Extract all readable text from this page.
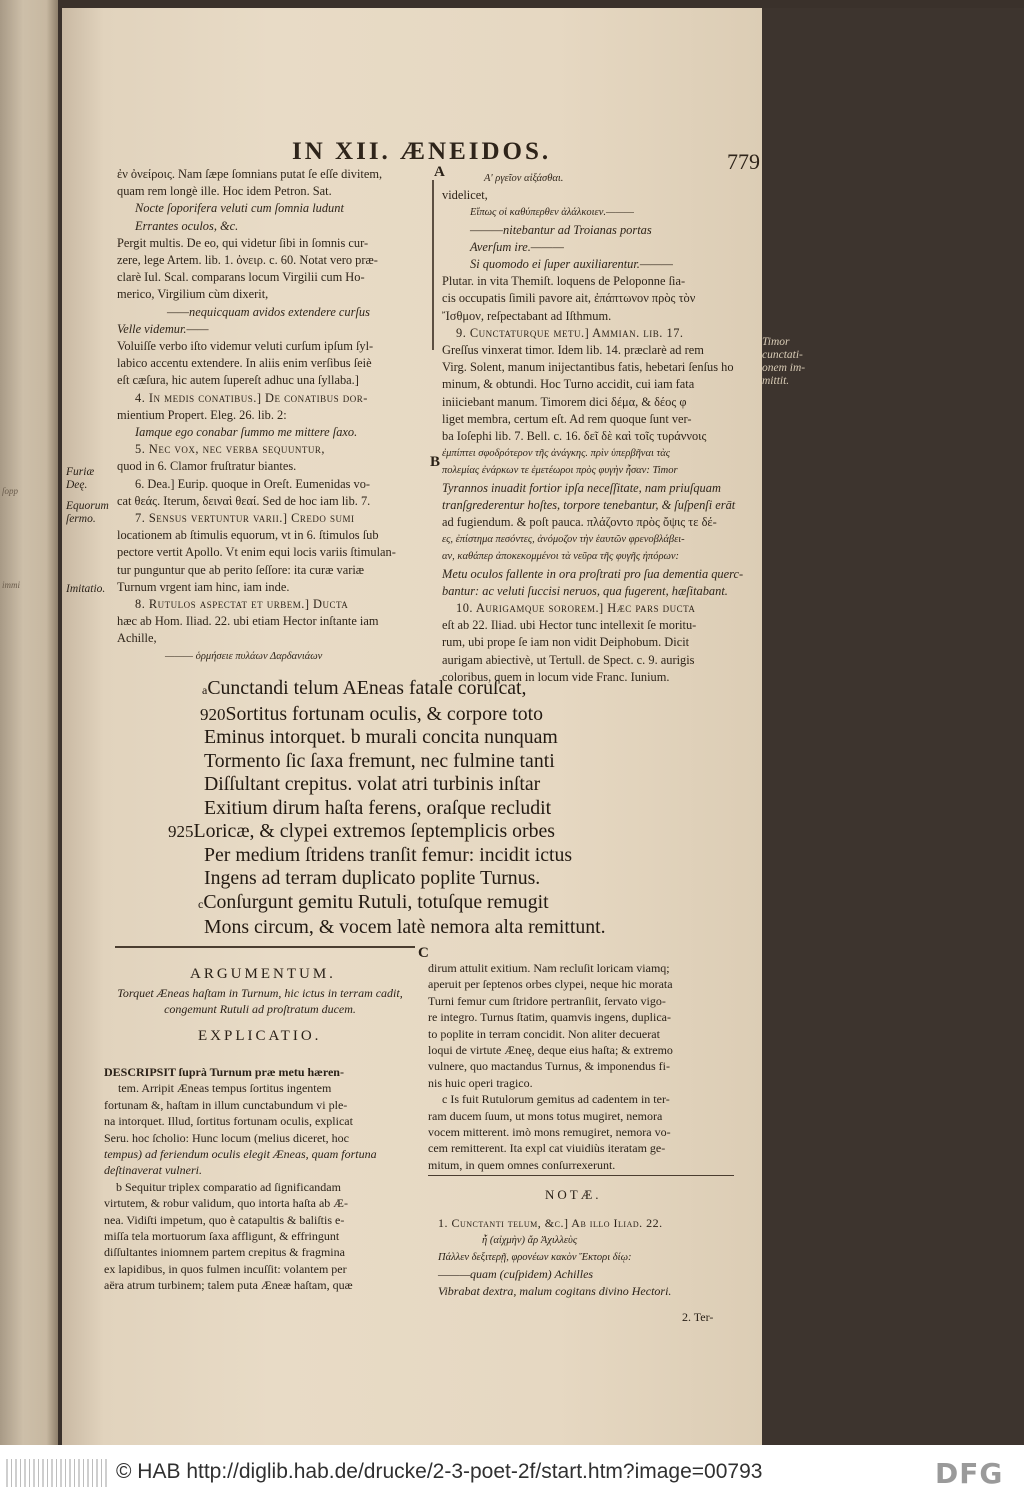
ſopp
immi
IN XII. ÆNEIDOS.	779
ἐν ὀνείροις. Nam ſæpe ſomnians putat ſe eſſe divitem,
quam rem longè ille. Hoc idem Petron. Sat.
Nocte ſoporifera veluti cum ſomnia ludunt
Errantes oculos, &c.
Pergit multis. De eo, qui videtur ſibi in ſomnis cur-
zere, lege Artem. lib. 1. ὀνειρ. c. 60. Notat vero præ-
clarè Iul. Scal. comparans locum Virgilii cum Ho-
merico, Virgilium cùm dixerit,
——nequicquam avidos extendere curſus
Velle videmur.——
Voluiſſe verbo iſto videmur veluti curſum ipſum ſyl-
labico accentu extendere. In aliis enim verſibus ſeiè
eſt cæſura, hic autem ſupereſt adhuc una ſyllaba.]
4. In medis conatibus.] De conatibus dor-
mientium Propert. Eleg. 26. lib. 2:
Iamque ego conabar ſummo me mittere ſaxo.
5. Nec vox, nec verba sequuntur,
quod in 6. Clamor fruſtratur biantes.
6. Dea.] Eurip. quoque in Oreſt. Eumenidas vo-
cat θεάς. Iterum, δειναὶ θεαί. Sed de hoc iam lib. 7.
7. Sensus vertuntur varii.] Credo ſumi
locationem ab ſtimulis equorum, vt in 6. ſtimulos ſub
pectore vertit Apollo. Vt enim equi locis variis ſtimulan-
tur punguntur que ab perito ſeſſore: ita curæ variæ
Turnum vrgent iam hinc, iam inde.
8. Rutulos aspectat et urbem.] Ducta
hæc ab Hom. Iliad. 22. ubi etiam Hector inſtante iam
Achille,
——— ὁρμήσειε πυλάων Δαρδανιάων
A
B
C
Α' ργεῖον αἰξάσθαι.
videlicet,
Εἴπως οἱ καθύπερθεν ἀλάλκοιεν.———
———nitebantur ad Troianas portas
Averſum ire.———
Si quomodo ei ſuper auxiliarentur.———
Plutar. in vita Themiſt. loquens de Peloponne ſia-
cis occupatis ſimili pavore ait, ἐπάπτωνον πρὸς τὸν
Ἴσθμον, reſpectabant ad Iſthmum.
9. Cunctaturque metu.] Ammian. lib. 17.
Greſſus vinxerat timor. Idem lib. 14. præclarè ad rem
Virg. Solent, manum inijectantibus fatis, hebetari ſenſus ho
minum, & obtundi. Hoc Turno accidit, cui iam fata
iniiciebant manum. Timorem dici δέμα, & δέος φ
liget membra, certum eſt. Ad rem quoque ſunt ver-
ba Ioſephi lib. 7. Bell. c. 16. δεῖ δὲ καὶ τοῖς τυράννοις
ἐμπίπτει σφοδρότερον τῆς ἀνάγκης. πρὶν ὑπερβῆναι τὰς
πολεμίας ἐνάρκων τε ἐμετέωροι πρὸς φυγὴν ἦσαν: Timor
Tyrannos inuadit fortior ipſa neceſſitate, nam priuſquam
tranſgrederentur hoſtes, torpore tenebantur, & ſuſpenſi erāt
ad fugiendum. & poſt pauca. πλάζοντο πρὸς ὄψις τε δέ-
ες, ἐπίστημα πεσόντες, ἀνόμοζον τὴν ἑαυτῶν φρενοβλάβει-
αν, καθάπερ ἀποκεκομμένοι τὰ νεῦρα τῆς φυγῆς ἠπόρων:
Metu oculos fallente in ora proſtrati pro ſua dementia querc-
bantur: ac veluti ſuccisi neruos, qua fugerent, hæſitabant.
10. Aurigamque sororem.] Hæc pars ducta
eſt ab 22. Iliad. ubi Hector tunc intellexit ſe moritu-
rum, ubi prope ſe iam non vidit Deiphobum. Dicit
aurigam abiectivè, ut Tertull. de Spect. c. 9. aurigis
coloribus, quem in locum vide Franc. Iunium.
Furiæ Deę.
Equorum ſermo.
Imitatio.
Timor cunctati-onem im-mittit.
aCunctandi telum AEneas fatale coruſcat,
920Sortitus fortunam oculis, & corpore toto
Eminus intorquet. b murali concita nunquam
Tormento ſic ſaxa fremunt, nec fulmine tanti
Diſſultant crepitus. volat atri turbinis inſtar
Exitium dirum haſta ferens, oraſque recludit
925Loricæ, & clypei extremos ſeptemplicis orbes
Per medium ſtridens tranſit femur: incidit ictus
Ingens ad terram duplicato poplite Turnus.
cConſurgunt gemitu Rutuli, totuſque remugit
Mons circum, & vocem latè nemora alta remittunt.
ARGUMENTUM.
Torquet Æneas haſtam in Turnum, hic ictus in terram cadit, congemunt Rutuli ad proſtratum ducem.
EXPLICATIO.
DESCRIPSIT ſuprà Turnum præ metu hæren-
tem. Arripit Æneas tempus ſortitus ingentem
fortunam &, haſtam in illum cunctabundum vi ple-
na intorquet. Illud, ſortitus fortunam oculis, explicat
Seru. hoc ſcholio: Hunc locum (melius diceret, hoc
tempus) ad feriendum oculis elegit Æneas, quam fortuna
deſtinaverat vulneri.
b Sequitur triplex comparatio ad ſignificandam
virtutem, & robur validum, quo intorta haſta ab Æ-
nea. Vidiſti impetum, quo è catapultis & baliſtis e-
miſſa tela mortuorum ſaxa affligunt, & effringunt
diſſultantes iniomnem partem crepitus & fragmina
ex lapidibus, in quos fulmen incuſſit: volantem per
aëra atrum turbinem; talem puta Æneæ haſtam, quæ
dirum attulit exitium. Nam recluſit loricam viamq;
aperuit per ſeptenos orbes clypei, neque hic morata
Turni femur cum ſtridore pertranſiit, ſervato vigo-
re integro. Turnus ſtatim, quamvis ingens, duplica-
to poplite in terram concidit. Non aliter decuerat
loqui de virtute Æneę, deque eius haſta; & extremo
vulnere, quo mactandus Turnus, & imponendus fi-
nis huic operi tragico.
c Is fuit Rutulorum gemitus ad cadentem in ter-
ram ducem ſuum, ut mons totus mugiret, nemora
vocem mitterent. imò mons remugiret, nemora vo-
cem remitterent. Ita expl cat viuidiùs iteratam ge-
mitum, in quem omnes conſurrexerunt.
NOTÆ.
1. Cunctanti telum, &c.] Ab illo Iliad. 22.
ἦ (αἰχμὴν) ἄρ Ἀχιλλεὺς
Πάλλεν δεξιτερῇ, φρονέων κακὸν Ἕκτορι δίῳ:
———quam (cuſpidem) Achilles
Vibrabat dextra, malum cogitans divino Hectori.
2. Ter-
© HAB http://diglib.hab.de/drucke/2-3-poet-2f/start.htm?image=00793	DFG
